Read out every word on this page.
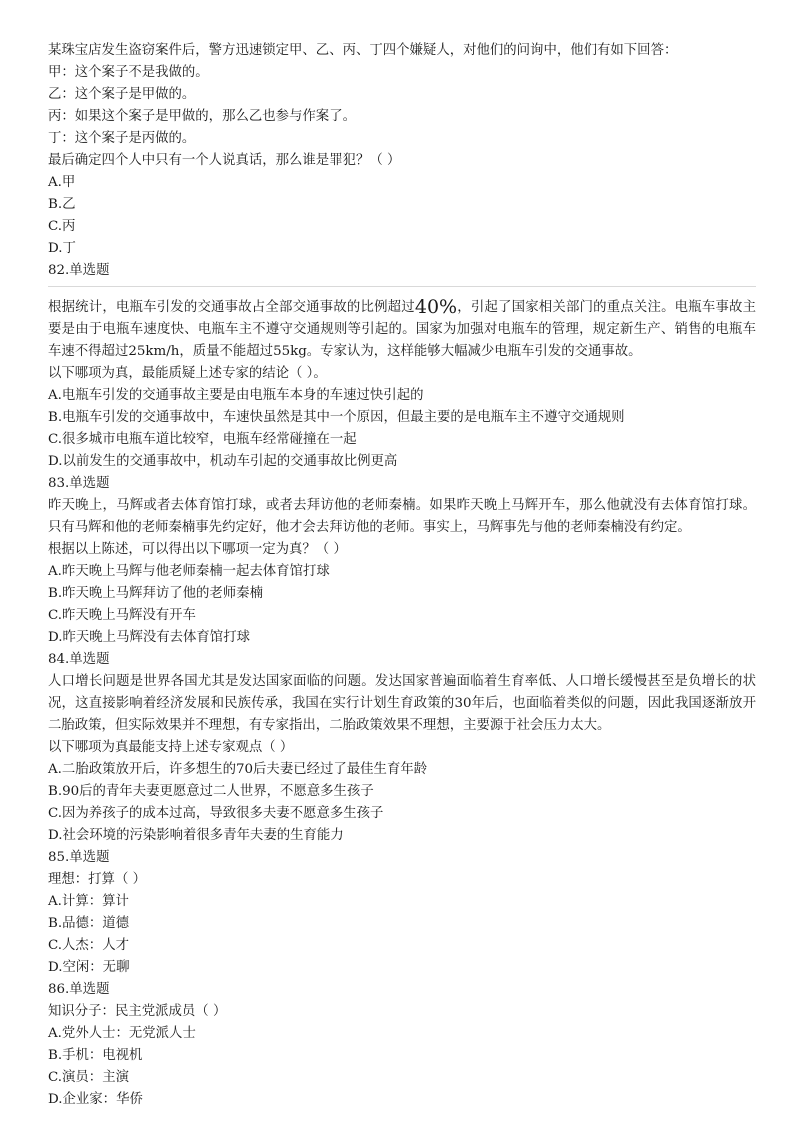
某珠宝店发生盗窃案件后，警方迅速锁定甲、乙、丙、丁四个嫌疑人，对他们的问询中，他们有如下回答：
甲：这个案子不是我做的。
乙：这个案子是甲做的。
丙：如果这个案子是甲做的，那么乙也参与作案了。
丁：这个案子是丙做的。
最后确定四个人中只有一个人说真话，那么谁是罪犯？（ ）
A.甲
B.乙
C.丙
D.丁
82.单选题
根据统计，电瓶车引发的交通事故占全部交通事故的比例超过40%，引起了国家相关部门的重点关注。电瓶车事故主要是由于电瓶车速度快、电瓶车主不遵守交通规则等引起的。国家为加强对电瓶车的管理，规定新生产、销售的电瓶车车速不得超过25km/h，质量不能超过55kg。专家认为，这样能够大幅减少电瓶车引发的交通事故。
以下哪项为真，最能质疑上述专家的结论（ ）。
A.电瓶车引发的交通事故主要是由电瓶车本身的车速过快引起的
B.电瓶车引发的交通事故中，车速快虽然是其中一个原因，但最主要的是电瓶车主不遵守交通规则
C.很多城市电瓶车道比较窄，电瓶车经常碰撞在一起
D.以前发生的交通事故中，机动车引起的交通事故比例更高
83.单选题
昨天晚上，马辉或者去体育馆打球，或者去拜访他的老师秦楠。如果昨天晚上马辉开车，那么他就没有去体育馆打球。只有马辉和他的老师秦楠事先约定好，他才会去拜访他的老师。事实上，马辉事先与他的老师秦楠没有约定。
根据以上陈述，可以得出以下哪项一定为真？（ ）
A.昨天晚上马辉与他老师秦楠一起去体育馆打球
B.昨天晚上马辉拜访了他的老师秦楠
C.昨天晚上马辉没有开车
D.昨天晚上马辉没有去体育馆打球
84.单选题
人口增长问题是世界各国尤其是发达国家面临的问题。发达国家普遍面临着生育率低、人口增长缓慢甚至是负增长的状况，这直接影响着经济发展和民族传承，我国在实行计划生育政策的30年后，也面临着类似的问题，因此我国逐渐放开二胎政策，但实际效果并不理想，有专家指出，二胎政策效果不理想，主要源于社会压力太大。
以下哪项为真最能支持上述专家观点（ ）
A.二胎政策放开后，许多想生的70后夫妻已经过了最佳生育年龄
B.90后的青年夫妻更愿意过二人世界，不愿意多生孩子
C.因为养孩子的成本过高，导致很多夫妻不愿意多生孩子
D.社会环境的污染影响着很多青年夫妻的生育能力
85.单选题
理想：打算（ ）
A.计算：算计
B.品德：道德
C.人杰：人才
D.空闲：无聊
86.单选题
知识分子：民主党派成员（ ）
A.党外人士：无党派人士
B.手机：电视机
C.演员：主演
D.企业家：华侨
